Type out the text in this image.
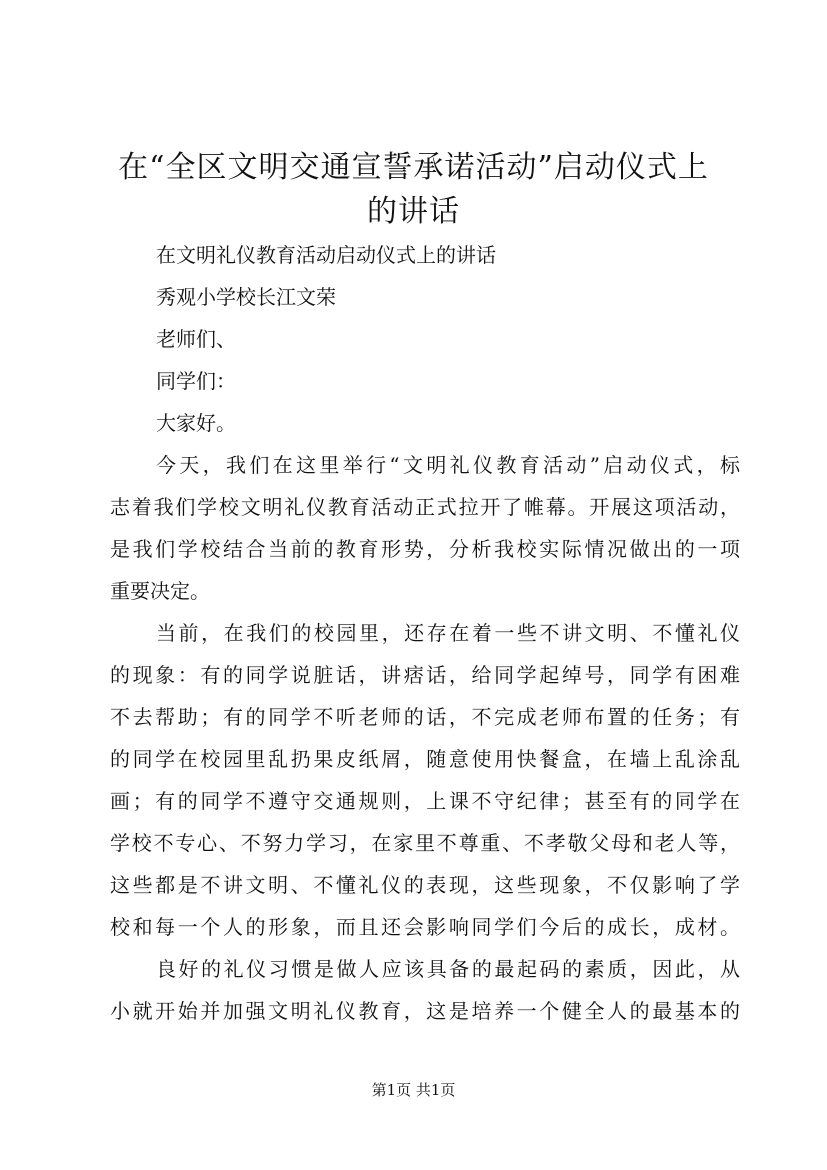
在“全区文明交通宣誓承诺活动”启动仪式上
的讲话

在文明礼仪教育活动启动仪式上的讲话

秀观小学校长江文荣

老师们、

同学们：

大家好。

今天，我们在这里举行“文明礼仪教育活动”启动仪式，标

志着我们学校文明礼仪教育活动正式拉开了帷幕。开展这项活动，

是我们学校结合当前的教育形势，分析我校实际情况做出的一项

重要决定。

当前，在我们的校园里，还存在着一些不讲文明、不懂礼仪

的现象：有的同学说脏话，讲痞话，给同学起绰号，同学有困难

不去帮助；有的同学不听老师的话，不完成老师布置的任务；有

的同学在校园里乱扔果皮纸屑，随意使用快餐盒，在墙上乱涂乱

画；有的同学不遵守交通规则，上课不守纪律；甚至有的同学在

学校不专心、不努力学习，在家里不尊重、不孝敬父母和老人等，

这些都是不讲文明、不懂礼仪的表现，这些现象，不仅影响了学

校和每一个人的形象，而且还会影响同学们今后的成长，成材。

良好的礼仪习惯是做人应该具备的最起码的素质，因此，从

小就开始并加强文明礼仪教育，这是培养一个健全人的最基本的

第1页 共1页
